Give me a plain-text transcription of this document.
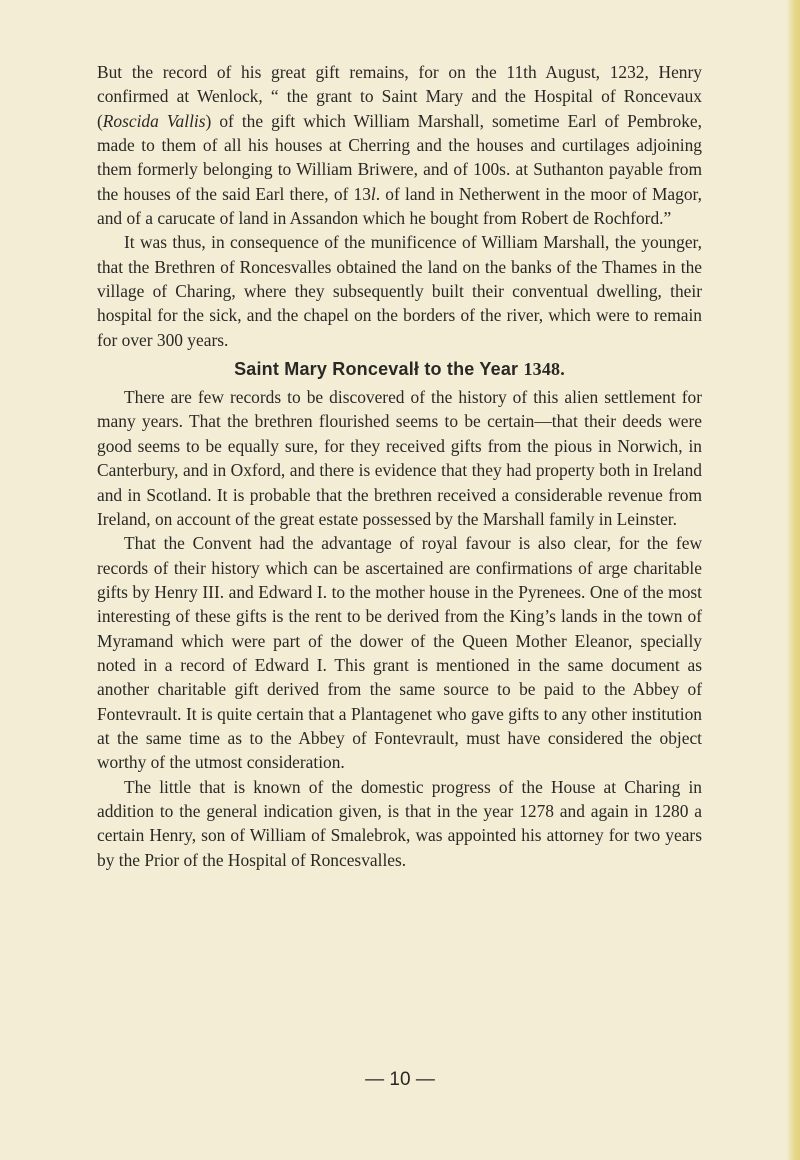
But the record of his great gift remains, for on the 11th August, 1232, Henry confirmed at Wenlock, “ the grant to Saint Mary and the Hospital of Roncevaux (Roscida Vallis) of the gift which William Marshall, sometime Earl of Pembroke, made to them of all his houses at Cherring and the houses and curtilages adjoining them formerly belonging to William Briwere, and of 100s. at Suthanton payable from the houses of the said Earl there, of 13l. of land in Netherwent in the moor of Magor, and of a carucate of land in Assandon which he bought from Robert de Rochford.”

It was thus, in consequence of the munificence of William Marshall, the younger, that the Brethren of Roncesvalles obtained the land on the banks of the Thames in the village of Charing, where they subsequently built their conventual dwelling, their hospital for the sick, and the chapel on the borders of the river, which were to remain for over 300 years.

Saint Mary Roncevalł to the Year 1348.

There are few records to be discovered of the history of this alien settlement for many years. That the brethren flourished seems to be certain—that their deeds were good seems to be equally sure, for they received gifts from the pious in Norwich, in Canterbury, and in Oxford, and there is evidence that they had property both in Ireland and in Scotland. It is probable that the brethren received a considerable revenue from Ireland, on account of the great estate possessed by the Marshall family in Leinster.

That the Convent had the advantage of royal favour is also clear, for the few records of their history which can be ascertained are confirmations of arge charitable gifts by Henry III. and Edward I. to the mother house in the Pyrenees. One of the most interesting of these gifts is the rent to be derived from the King’s lands in the town of Myramand which were part of the dower of the Queen Mother Eleanor, specially noted in a record of Edward I. This grant is mentioned in the same document as another charitable gift derived from the same source to be paid to the Abbey of Fontevrault. It is quite certain that a Plantagenet who gave gifts to any other institution at the same time as to the Abbey of Fontevrault, must have considered the object worthy of the utmost consideration.

The little that is known of the domestic progress of the House at Charing in addition to the general indication given, is that in the year 1278 and again in 1280 a certain Henry, son of William of Smalebrok, was appointed his attorney for two years by the Prior of the Hospital of Roncesvalles.

— 10 —
